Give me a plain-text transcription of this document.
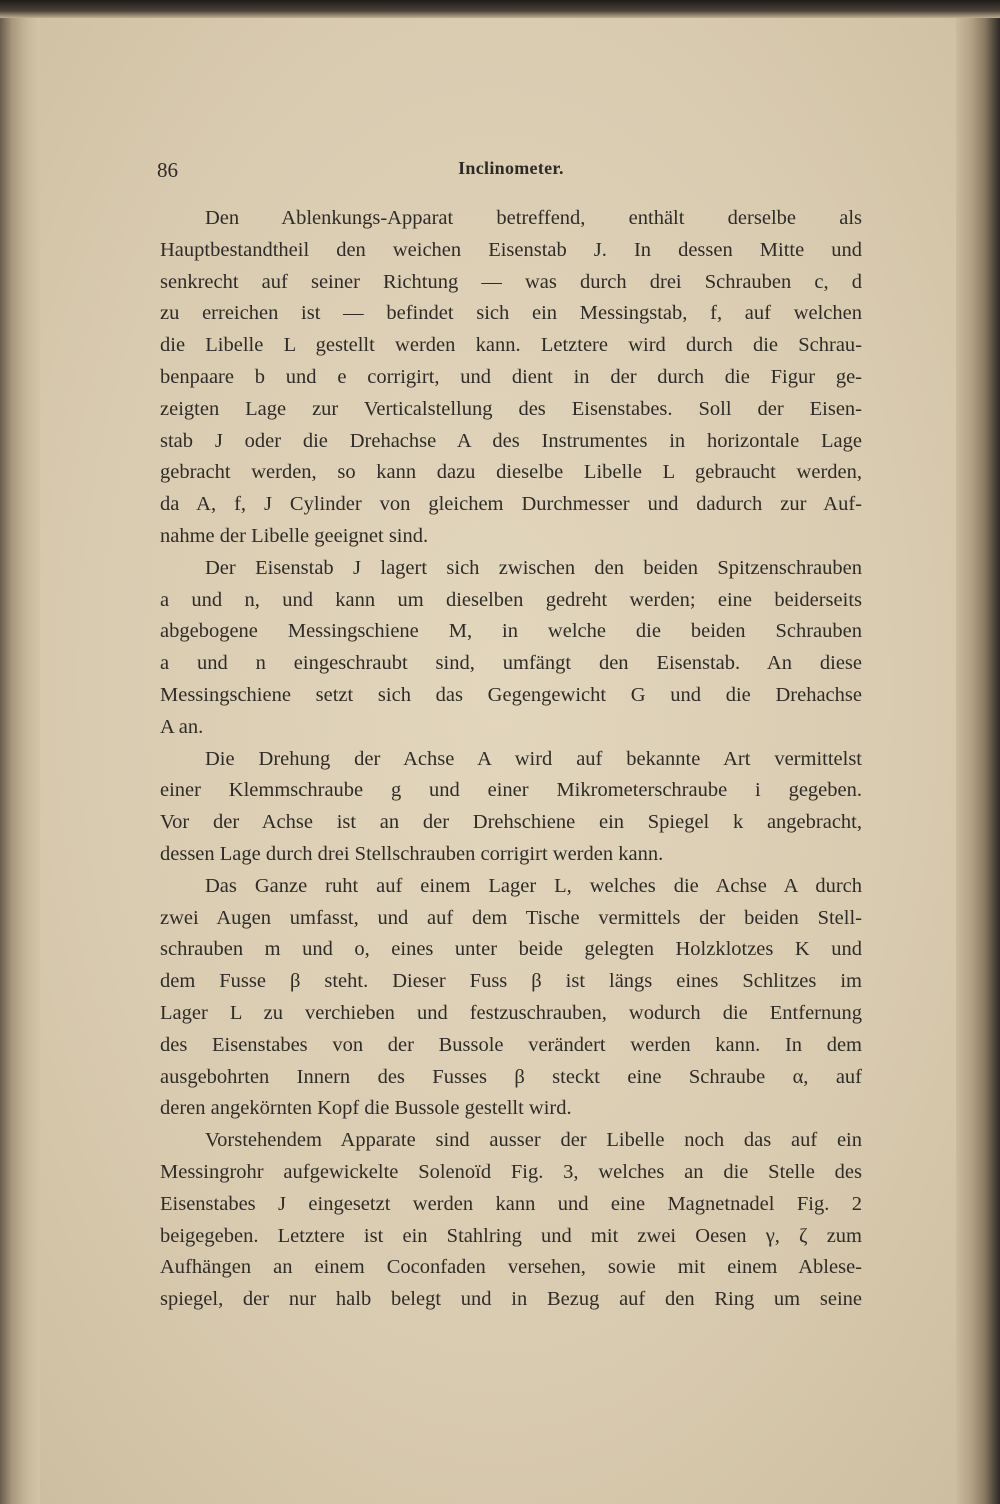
86	Inclinometer.
Den Ablenkungs-Apparat betreffend, enthält derselbe als
Hauptbestandtheil den weichen Eisenstab J. In dessen Mitte und
senkrecht auf seiner Richtung — was durch drei Schrauben c, d
zu erreichen ist — befindet sich ein Messingstab, f, auf welchen
die Libelle L gestellt werden kann. Letztere wird durch die Schrau-
benpaare b und e corrigirt, und dient in der durch die Figur ge-
zeigten Lage zur Verticalstellung des Eisenstabes. Soll der Eisen-
stab J oder die Drehachse A des Instrumentes in horizontale Lage
gebracht werden, so kann dazu dieselbe Libelle L gebraucht werden,
da A, f, J Cylinder von gleichem Durchmesser und dadurch zur Auf-
nahme der Libelle geeignet sind.
Der Eisenstab J lagert sich zwischen den beiden Spitzenschrauben
a und n, und kann um dieselben gedreht werden; eine beiderseits
abgebogene Messingschiene M, in welche die beiden Schrauben
a und n eingeschraubt sind, umfängt den Eisenstab. An diese
Messingschiene setzt sich das Gegengewicht G und die Drehachse
A an.
Die Drehung der Achse A wird auf bekannte Art vermittelst
einer Klemmschraube g und einer Mikrometerschraube i gegeben.
Vor der Achse ist an der Drehschiene ein Spiegel k angebracht,
dessen Lage durch drei Stellschrauben corrigirt werden kann.
Das Ganze ruht auf einem Lager L, welches die Achse A durch
zwei Augen umfasst, und auf dem Tische vermittels der beiden Stell-
schrauben m und o, eines unter beide gelegten Holzklotzes K und
dem Fusse β steht. Dieser Fuss β ist längs eines Schlitzes im
Lager L zu verchieben und festzuschrauben, wodurch die Entfernung
des Eisenstabes von der Bussole verändert werden kann. In dem
ausgebohrten Innern des Fusses β steckt eine Schraube α, auf
deren angekörnten Kopf die Bussole gestellt wird.
Vorstehendem Apparate sind ausser der Libelle noch das auf ein
Messingrohr aufgewickelte Solenoïd Fig. 3, welches an die Stelle des
Eisenstabes J eingesetzt werden kann und eine Magnetnadel Fig. 2
beigegeben. Letztere ist ein Stahlring und mit zwei Oesen γ, ζ zum
Aufhängen an einem Coconfaden versehen, sowie mit einem Ablese-
spiegel, der nur halb belegt und in Bezug auf den Ring um seine
